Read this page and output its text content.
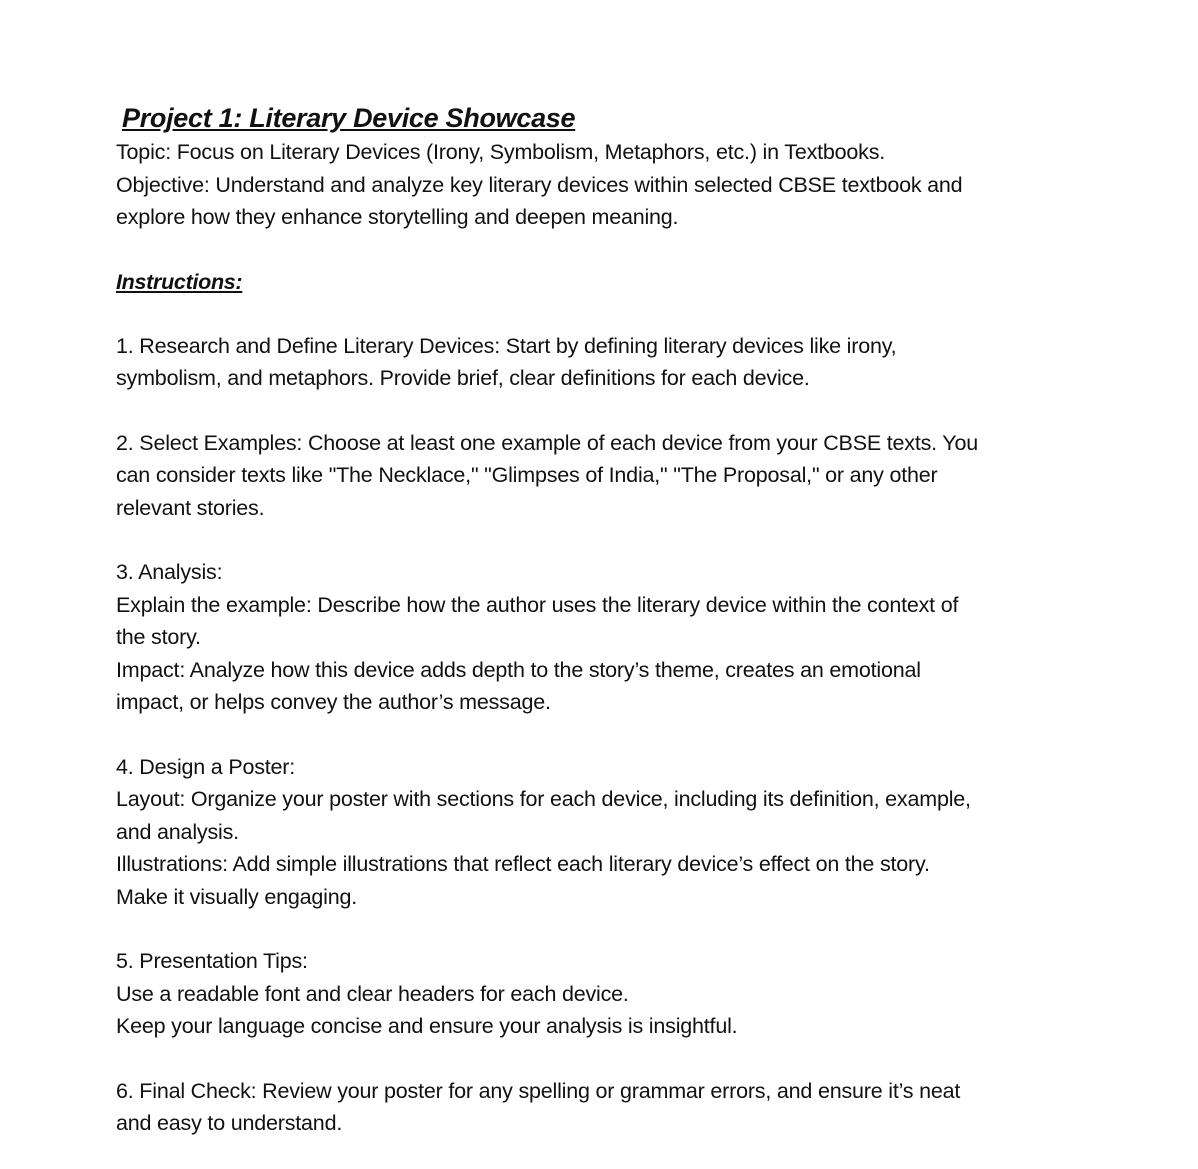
Project 1: Literary Device Showcase

Topic: Focus on Literary Devices (Irony, Symbolism, Metaphors, etc.) in Textbooks.

Objective: Understand and analyze key literary devices within selected CBSE textbook and

explore how they enhance storytelling and deepen meaning.

Instructions:

1. Research and Define Literary Devices: Start by defining literary devices like irony,

symbolism, and metaphors. Provide brief, clear definitions for each device.

2. Select Examples: Choose at least one example of each device from your CBSE texts. You

can consider texts like "The Necklace," "Glimpses of India," "The Proposal," or any other

relevant stories.

3. Analysis:

Explain the example: Describe how the author uses the literary device within the context of

the story.

Impact: Analyze how this device adds depth to the story’s theme, creates an emotional

impact, or helps convey the author’s message.

4. Design a Poster:

Layout: Organize your poster with sections for each device, including its definition, example,

and analysis.

Illustrations: Add simple illustrations that reflect each literary device’s effect on the story.

Make it visually engaging.

5. Presentation Tips:

Use a readable font and clear headers for each device.

Keep your language concise and ensure your analysis is insightful.

6. Final Check: Review your poster for any spelling or grammar errors, and ensure it’s neat

and easy to understand.
